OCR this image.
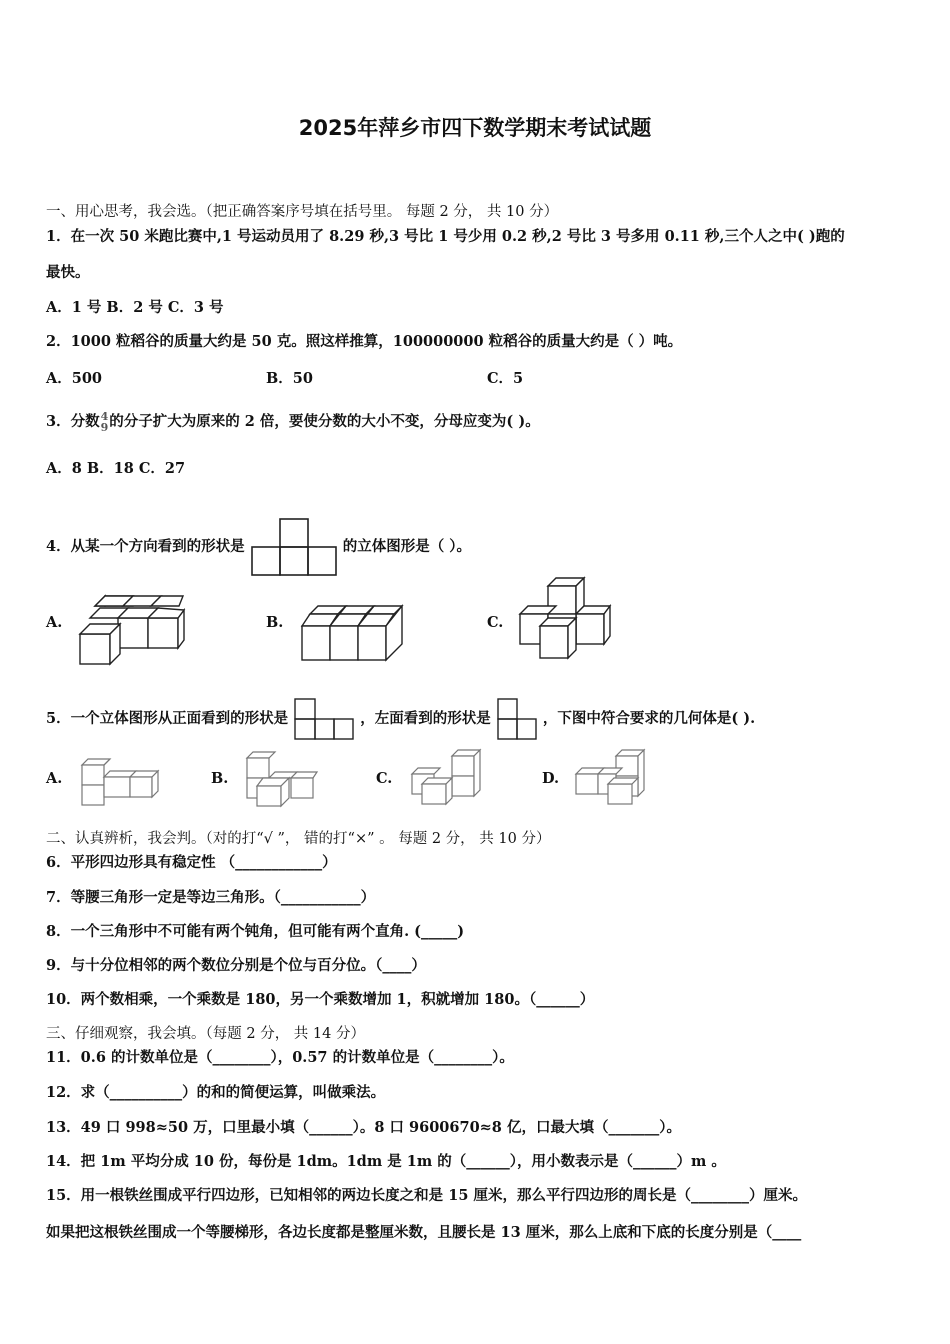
2025年萍乡市四下数学期末考试试题
一、用心思考，我会选。（把正确答案序号填在括号里。 每题 2 分， 共 10 分）
1．在一次 50 米跑比赛中,1 号运动员用了 8.29 秒,3 号比 1 号少用 0.2 秒,2 号比 3 号多用 0.11 秒,三个人之中( )跑的
最快。
A．1 号 B．2 号 C．3 号
2．1000 粒稻谷的质量大约是 50 克。照这样推算，100000000 粒稻谷的质量大约是（ ）吨。
A．500	B．50	C．5
3．分数 4
9 的分子扩大为原来的 2 倍，要使分数的大小不变，分母应变为( )。
A．8 B．18 C．27
4．从某一个方向看到的形状是	的立体图形是（ ）。
A.	B.	C.
5．一个立体图形从正面看到的形状是	，左面看到的形状是	，下图中符合要求的几何体是( ).
A.	B.	C.	D.
二、认真辨析，我会判。（对的打“√ ”， 错的打“×” 。 每题 2 分， 共 10 分）
6．平形四边形具有稳定性 （____________）
7．等腰三角形一定是等边三角形。（___________）
8．一个三角形中不可能有两个钝角，但可能有两个直角. (_____)
9．与十分位相邻的两个数位分别是个位与百分位。（____）
10．两个数相乘，一个乘数是 180，另一个乘数增加 1，积就增加 180。（______）
三、仔细观察，我会填。（每题 2 分， 共 14 分）
11．0.6 的计数单位是（________），0.57 的计数单位是（________）。
12．求（__________）的和的简便运算，叫做乘法。
13．49 口 998≈50 万，口里最小填（______）。8 口 9600670≈8 亿，口最大填（_______）。
14．把 1m 平均分成 10 份，每份是 1dm。1dm 是 1m 的（______），用小数表示是（______）m 。
15．用一根铁丝围成平行四边形，已知相邻的两边长度之和是 15 厘米，那么平行四边形的周长是（________）厘米。
如果把这根铁丝围成一个等腰梯形，各边长度都是整厘米数，且腰长是 13 厘米，那么上底和下底的长度分别是（____
